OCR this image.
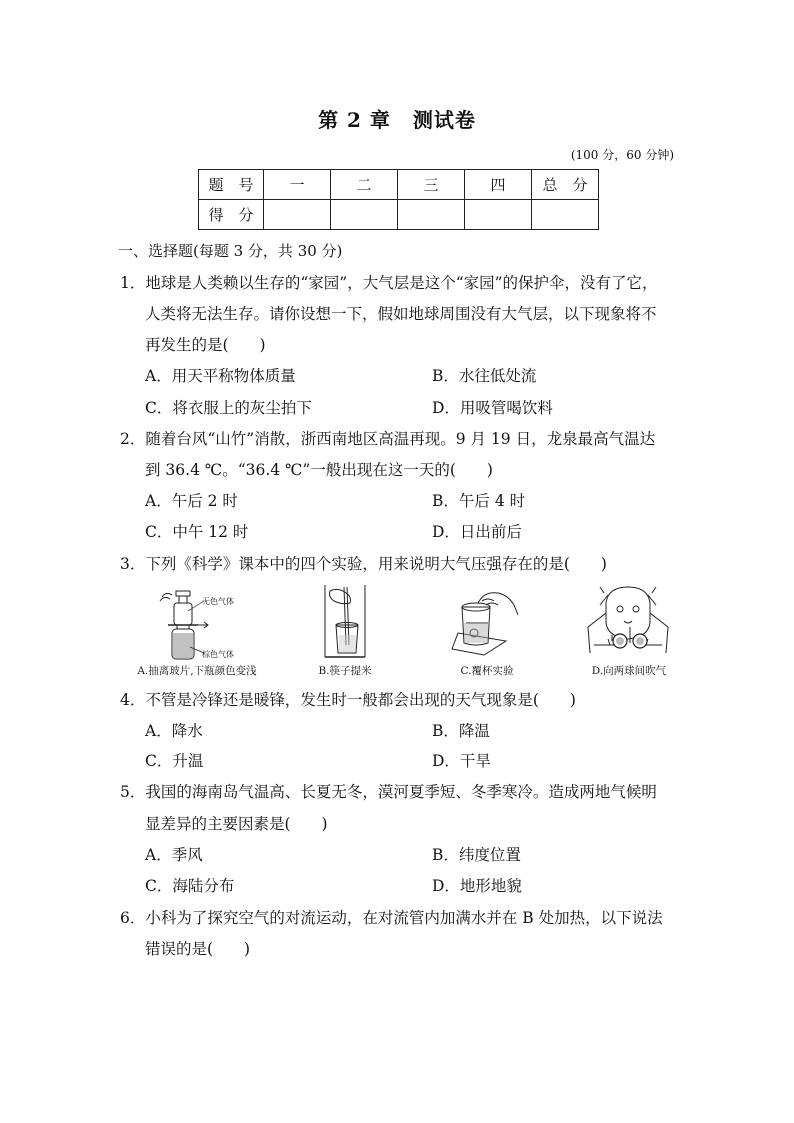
第 2 章 测试卷
(100 分，60 分钟)
题　号	一	二	三	四	总　分
得　分					
一、选择题(每题 3 分，共 30 分)
1．地球是人类赖以生存的“家园”，大气层是这个“家园”的保护伞，没有了它，
人类将无法生存。请你设想一下，假如地球周围没有大气层，以下现象将不
再发生的是(　　)
A．用天平称物体质量	B．水往低处流
C．将衣服上的灰尘拍下	D．用吸管喝饮料
2．随着台风“山竹”消散，浙西南地区高温再现。9 月 19 日，龙泉最高气温达
到 36.4 ℃。“36.4 ℃”一般出现在这一天的(　　)
A．午后 2 时	B．午后 4 时
C．中午 12 时	D．日出前后
3．下列《科学》课本中的四个实验，用来说明大气压强存在的是(　　)
无色气体
棕色气体
A.抽离玻片,下瓶颜色变浅	B.筷子提米	C.覆杯实验	D.向两球间吹气
4．不管是冷锋还是暖锋，发生时一般都会出现的天气现象是(　　)
A．降水	B．降温
C．升温	D．干旱
5．我国的海南岛气温高、长夏无冬，漠河夏季短、冬季寒冷。造成两地气候明
显差异的主要因素是(　　)
A．季风	B．纬度位置
C．海陆分布	D．地形地貌
6．小科为了探究空气的对流运动，在对流管内加满水并在 B 处加热，以下说法
错误的是(　　)
